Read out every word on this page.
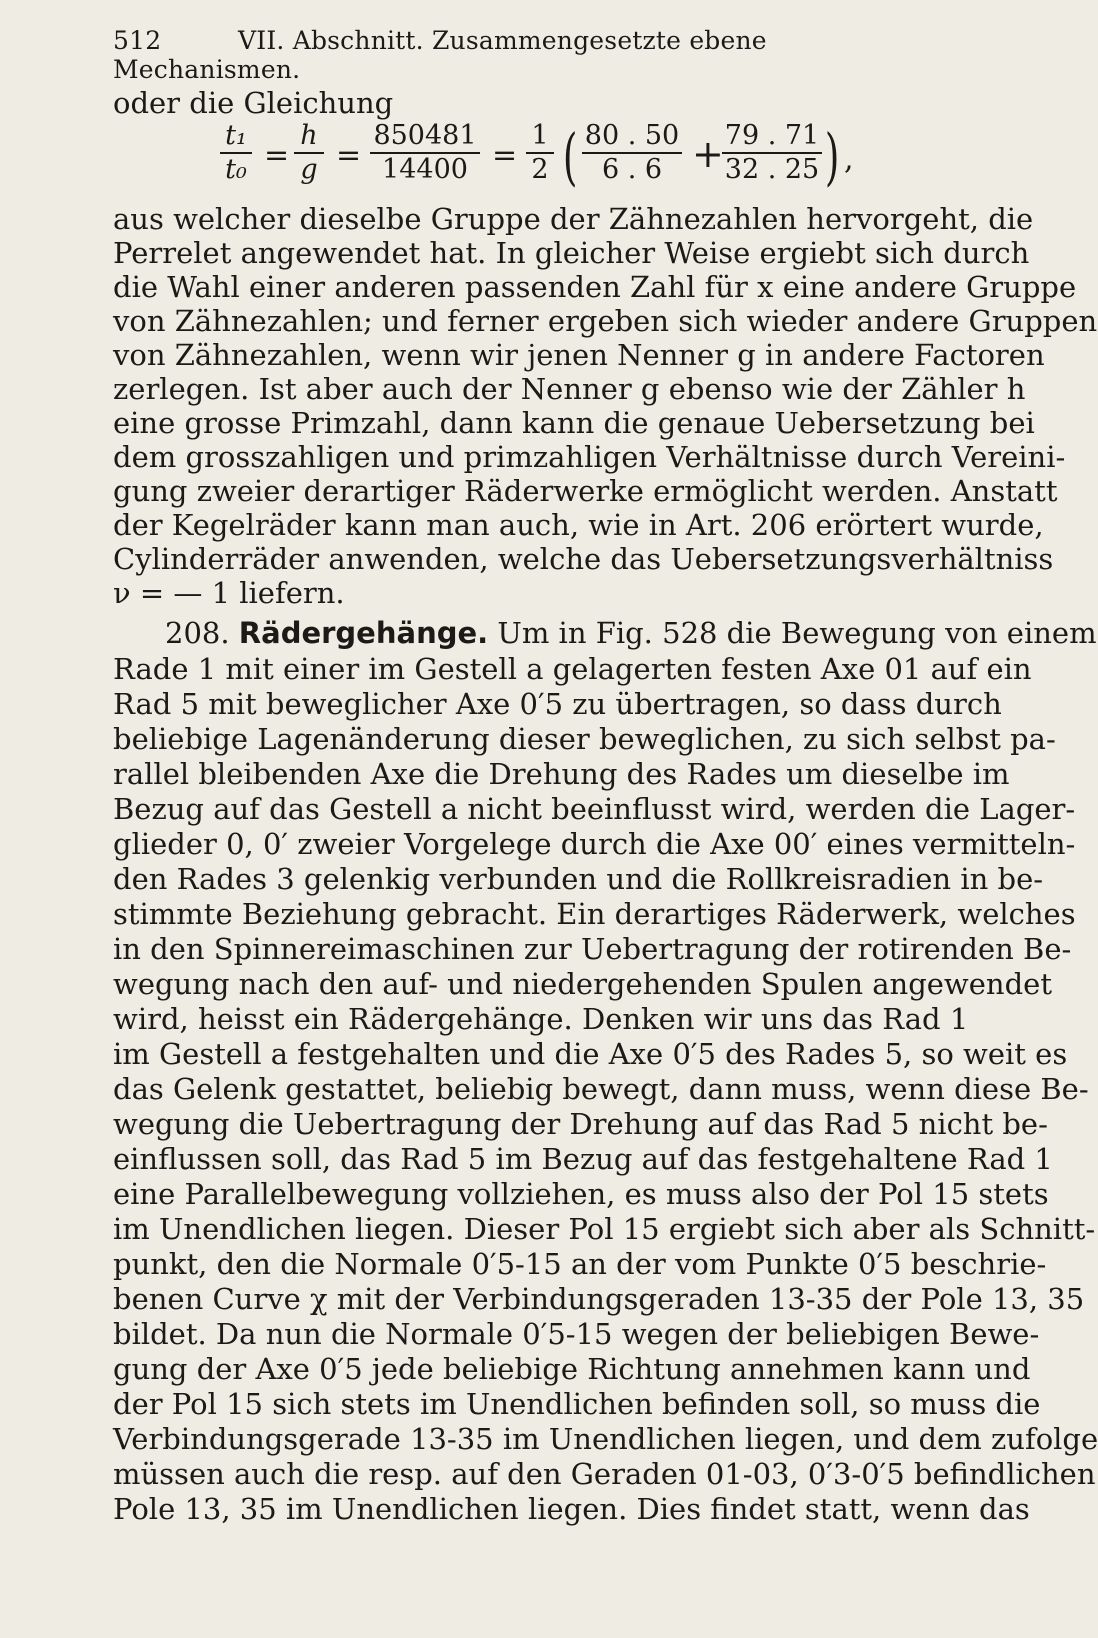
512	VII. Abschnitt. Zusammengesetzte ebene Mechanismen.
oder die Gleichung
$\frac{\text{t₁}}{\text{t₀}} = \frac{h}{g} = \frac{850481}{14400} = \frac{1}{2}$ ( $\frac{80 . 50}{6 . 6}$ +
$\frac{79 . 71}{32 . 25}$ ) ,
aus welcher dieselbe Gruppe der Zähnezahlen hervorgeht, die
Perrelet angewendet hat. In gleicher Weise ergiebt sich durch
die Wahl einer anderen passenden Zahl für x eine andere Gruppe
von Zähnezahlen; und ferner ergeben sich wieder andere Gruppen
von Zähnezahlen, wenn wir jenen Nenner g in andere Factoren
zerlegen. Ist aber auch der Nenner g ebenso wie der Zähler h
eine grosse Primzahl, dann kann die genaue Uebersetzung bei
dem grosszahligen und primzahligen Verhältnisse durch Vereini-
gung zweier derartiger Räderwerke ermöglicht werden. Anstatt
der Kegelräder kann man auch, wie in Art. 206 erörtert wurde,
Cylinderräder anwenden, welche das Uebersetzungsverhältniss
ν = — 1 liefern.
208. Rädergehänge. Um in Fig. 528 die Bewegung von einem
Rade 1 mit einer im Gestell a gelagerten festen Axe 01 auf ein
Rad 5 mit beweglicher Axe 0′5 zu übertragen, so dass durch
beliebige Lagenänderung dieser beweglichen, zu sich selbst pa-
rallel bleibenden Axe die Drehung des Rades um dieselbe im
Bezug auf das Gestell a nicht beeinflusst wird, werden die Lager-
glieder 0, 0′ zweier Vorgelege durch die Axe 00′ eines vermitteln-
den Rades 3 gelenkig verbunden und die Rollkreisradien in be-
stimmte Beziehung gebracht. Ein derartiges Räderwerk, welches
in den Spinnereimaschinen zur Uebertragung der rotirenden Be-
wegung nach den auf- und niedergehenden Spulen angewendet
wird, heisst ein Rädergehänge. Denken wir uns das Rad 1
im Gestell a festgehalten und die Axe 0′5 des Rades 5, so weit es
das Gelenk gestattet, beliebig bewegt, dann muss, wenn diese Be-
wegung die Uebertragung der Drehung auf das Rad 5 nicht be-
einflussen soll, das Rad 5 im Bezug auf das festgehaltene Rad 1
eine Parallelbewegung vollziehen, es muss also der Pol 15 stets
im Unendlichen liegen. Dieser Pol 15 ergiebt sich aber als Schnitt-
punkt, den die Normale 0′5-15 an der vom Punkte 0′5 beschrie-
benen Curve χ mit der Verbindungsgeraden 13-35 der Pole 13, 35
bildet. Da nun die Normale 0′5-15 wegen der beliebigen Bewe-
gung der Axe 0′5 jede beliebige Richtung annehmen kann und
der Pol 15 sich stets im Unendlichen befinden soll, so muss die
Verbindungsgerade 13-35 im Unendlichen liegen, und dem zufolge
müssen auch die resp. auf den Geraden 01-03, 0′3-0′5 befindlichen
Pole 13, 35 im Unendlichen liegen. Dies findet statt, wenn das
